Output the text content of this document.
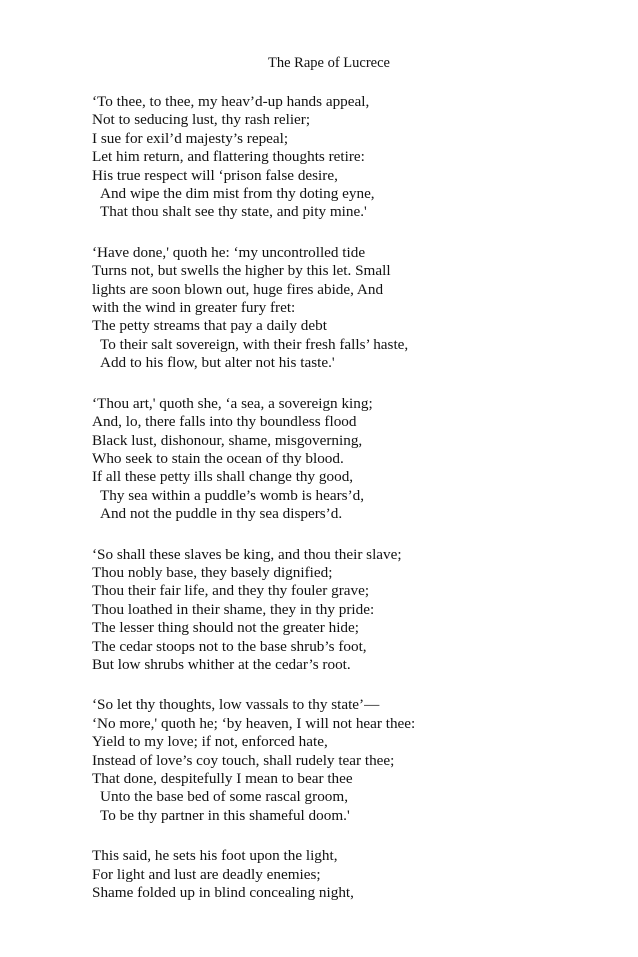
The Rape of Lucrece
‘To thee, to thee, my heav’d-up hands appeal,
Not to seducing lust, thy rash relier;
I sue for exil’d majesty’s repeal;
Let him return, and flattering thoughts retire:
His true respect will ‘prison false desire,
And wipe the dim mist from thy doting eyne,
That thou shalt see thy state, and pity mine.'
‘Have done,' quoth he: ‘my uncontrolled tide
Turns not, but swells the higher by this let. Small
lights are soon blown out, huge fires abide, And
with the wind in greater fury fret:
The petty streams that pay a daily debt
To their salt sovereign, with their fresh falls’ haste,
Add to his flow, but alter not his taste.'
‘Thou art,' quoth she, ‘a sea, a sovereign king;
And, lo, there falls into thy boundless flood
Black lust, dishonour, shame, misgoverning,
Who seek to stain the ocean of thy blood.
If all these petty ills shall change thy good,
Thy sea within a puddle’s womb is hears’d,
And not the puddle in thy sea dispers’d.
‘So shall these slaves be king, and thou their slave;
Thou nobly base, they basely dignified;
Thou their fair life, and they thy fouler grave;
Thou loathed in their shame, they in thy pride:
The lesser thing should not the greater hide;
The cedar stoops not to the base shrub’s foot,
But low shrubs whither at the cedar’s root.
‘So let thy thoughts, low vassals to thy state’—
‘No more,' quoth he; ‘by heaven, I will not hear thee:
Yield to my love; if not, enforced hate,
Instead of love’s coy touch, shall rudely tear thee;
That done, despitefully I mean to bear thee
Unto the base bed of some rascal groom,
To be thy partner in this shameful doom.'
This said, he sets his foot upon the light,
For light and lust are deadly enemies;
Shame folded up in blind concealing night,
